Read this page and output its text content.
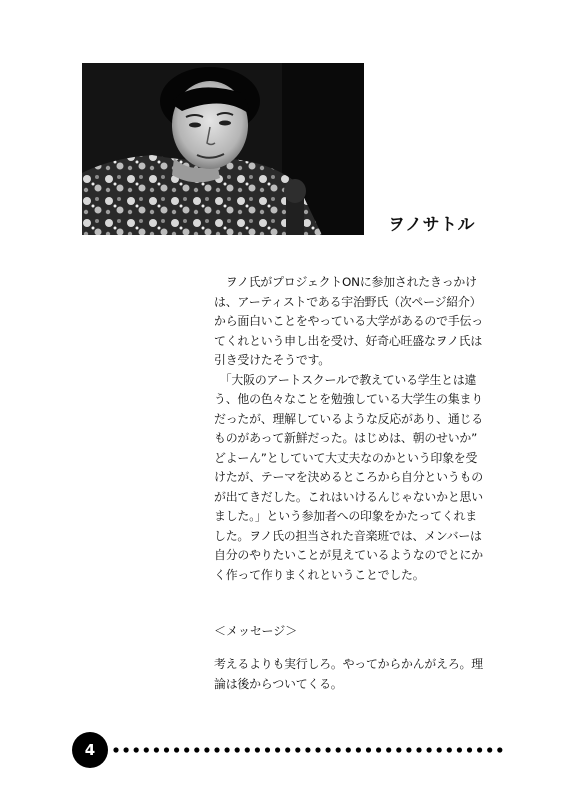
ヲノサトル
　ヲノ氏がプロジェクトONに参加されたきっかけ
は、アーティストである宇治野氏（次ページ紹介）
から面白いことをやっている大学があるので手伝っ
てくれという申し出を受け、好奇心旺盛なヲノ氏は
引き受けたそうです。
　「大阪のアートスクールで教えている学生とは違
う、他の色々なことを勉強している大学生の集まり
だったが、理解しているような反応があり、通じる
ものがあって新鮮だった。はじめは、朝のせいか”
どよーん”としていて大丈夫なのかという印象を受
けたが、テーマを決めるところから自分というもの
が出てきだした。これはいけるんじゃないかと思い
ました。」という参加者への印象をかたってくれま
した。ヲノ氏の担当された音楽班では、メンバーは
自分のやりたいことが見えているようなのでとにか
く作って作りまくれということでした。
＜メッセージ＞
考えるよりも実行しろ。やってからかんがえろ。理
論は後からついてくる。
4
